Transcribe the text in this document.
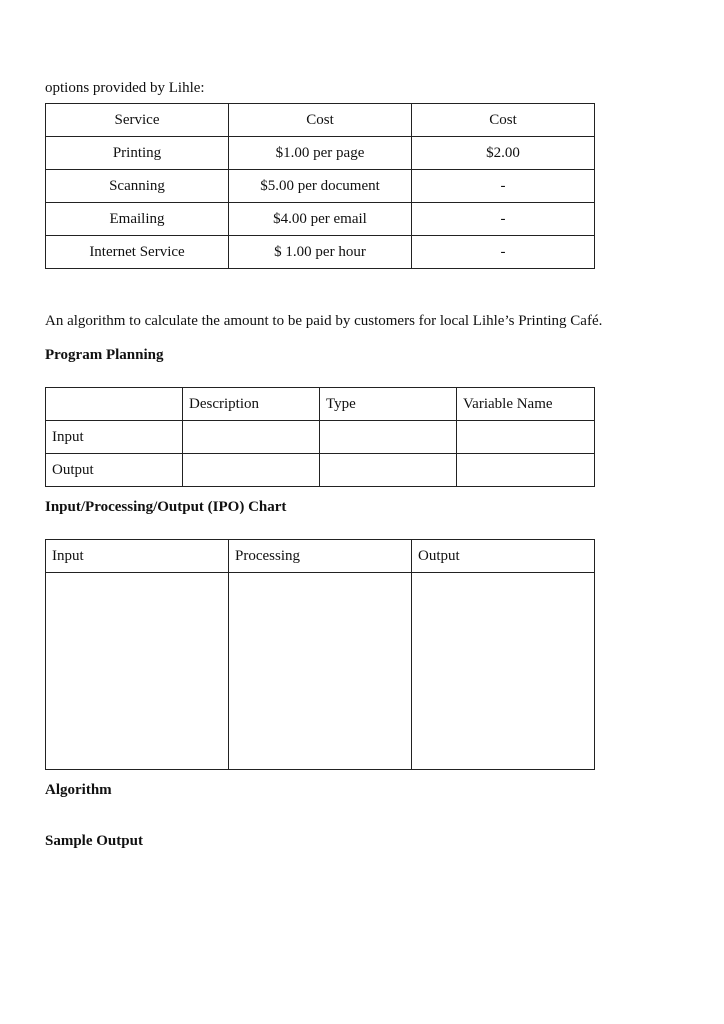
options provided by Lihle:
Service	Cost	Cost
Printing	$1.00 per page	$2.00
Scanning	$5.00 per document	-
Emailing	$4.00 per email	-
Internet Service	$ 1.00 per hour	-
An algorithm to calculate the amount to be paid by customers for local Lihle’s Printing Café.
Program Planning
	Description	Type	Variable Name
Input			
Output			
Input/Processing/Output (IPO) Chart
Input	Processing	Output

Algorithm
Sample Output
